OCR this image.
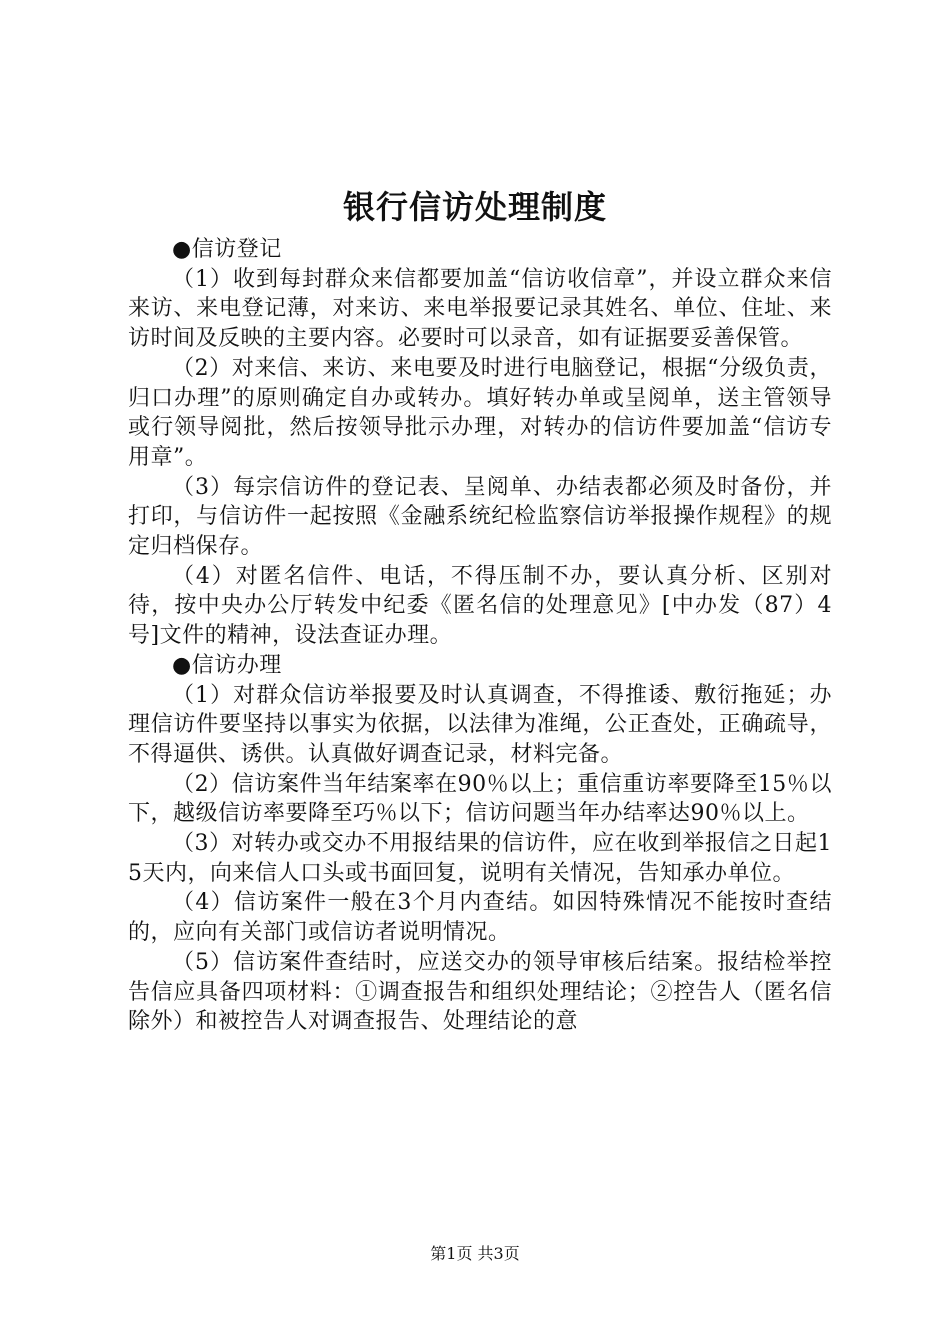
银行信访处理制度

●信访登记

（1）收到每封群众来信都要加盖“信访收信章”，并设立群众来信来访、来电登记薄，对来访、来电举报要记录其姓名、单位、住址、来访时间及反映的主要内容。必要时可以录音，如有证据要妥善保管。

（2）对来信、来访、来电要及时进行电脑登记，根据“分级负责，归口办理”的原则确定自办或转办。填好转办单或呈阅单，送主管领导或行领导阅批，然后按领导批示办理，对转办的信访件要加盖“信访专用章”。

（3）每宗信访件的登记表、呈阅单、办结表都必须及时备份，并打印，与信访件一起按照《金融系统纪检监察信访举报操作规程》的规定归档保存。

（4）对匿名信件、电话，不得压制不办，要认真分析、区别对待，按中央办公厅转发中纪委《匿名信的处理意见》[中办发（87）4号]文件的精神，设法查证办理。

●信访办理

（1）对群众信访举报要及时认真调查，不得推诿、敷衍拖延；办理信访件要坚持以事实为依据，以法律为准绳，公正查处，正确疏导，不得逼供、诱供。认真做好调查记录，材料完备。

（2）信访案件当年结案率在90％以上；重信重访率要降至15％以下，越级信访率要降至巧％以下；信访问题当年办结率达90％以上。

（3）对转办或交办不用报结果的信访件，应在收到举报信之日起15天内，向来信人口头或书面回复，说明有关情况，告知承办单位。

（4）信访案件一般在3个月内查结。如因特殊情况不能按时查结的，应向有关部门或信访者说明情况。

（5）信访案件查结时，应送交办的领导审核后结案。报结检举控告信应具备四项材料：①调查报告和组织处理结论；②控告人（匿名信除外）和被控告人对调查报告、处理结论的意

第1页 共3页
